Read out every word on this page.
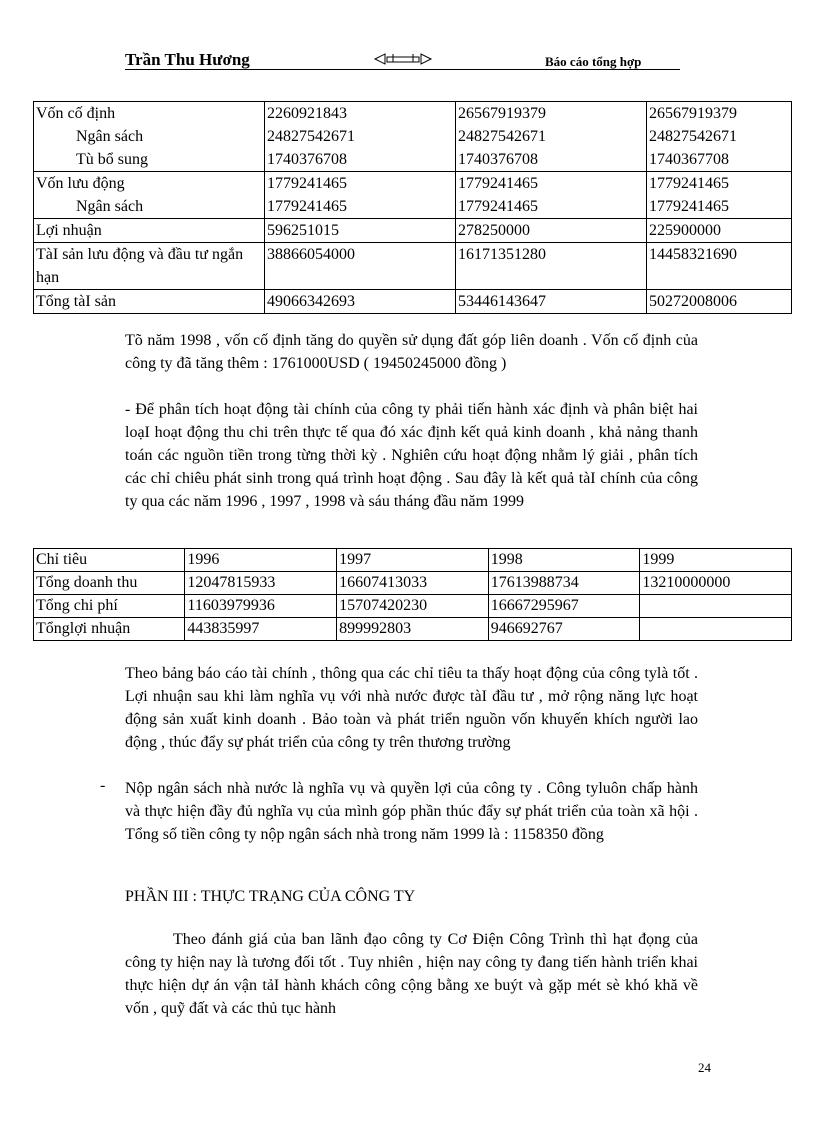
Trần Thu Hương	Báo cáo tổng hợp
Vốn cố định	2260921843	26567919379	26567919379
Ngân sách	24827542671	24827542671	24827542671
Tù bổ sung	1740376708	1740376708	1740367708
Vốn lưu động	1779241465	1779241465	1779241465
Ngân sách	1779241465	1779241465	1779241465
Lợi nhuận	596251015	278250000	225900000
TàI sản lưu động và đầu tư ngắn hạn	38866054000	16171351280	14458321690
Tổng tàI sản	49066342693	53446143647	50272008006
Tõ năm 1998 , vốn cố định tăng do quyền sử dụng đất góp liên doanh . Vốn cố định của công ty đã tăng thêm : 1761000USD ( 19450245000 đồng )
- Để phân tích hoạt động tài chính của công ty phải tiến hành xác định và phân biệt hai loạI hoạt động thu chi trên thực tế qua đó xác định kết quả kinh doanh , khả nảng thanh toán các nguồn tiền trong từng thời kỳ . Nghiên cứu hoạt động nhằm lý giải , phân tích các chỉ chiêu phát sinh trong quá trình hoạt động . Sau đây là kết quả tàI chính của công ty qua các năm 1996 , 1997 , 1998 và sáu tháng đầu năm 1999
Chỉ tiêu	1996	1997	1998	1999
Tổng doanh thu	12047815933	16607413033	17613988734	13210000000
Tổng chi phí	11603979936	15707420230	16667295967	
Tổnglợi nhuận	443835997	899992803	946692767	
Theo bảng báo cáo tài chính , thông qua các chỉ tiêu ta thấy hoạt động của công tylà tốt . Lợi nhuận sau khi làm nghĩa vụ với nhà nước được tàI đầu tư , mở rộng năng lực hoạt động sản xuất kinh doanh . Bảo toàn và phát triển nguồn vốn khuyến khích người lao động , thúc đẩy sự phát triển của công ty trên thương trường
- Nộp ngân sách nhà nước là nghĩa vụ và quyền lợi của công ty . Công tyluôn chấp hành và thực hiện đầy đủ nghĩa vụ của mình góp phần thúc đẩy sự phát triển của toàn xã hội . Tổng số tiền công ty nộp ngân sách nhà trong năm 1999 là : 1158350 đồng
PHẦN III : THỰC TRẠNG CỦA CÔNG TY
Theo đánh giá của ban lãnh đạo công ty Cơ Điện Công Trình thì hạt đọng của công ty hiện nay là tương đối tốt . Tuy nhiên , hiện nay công ty đang tiến hành triển khai thực hiện dự án vận tảI hành khách công cộng bằng xe buýt và gặp mét sè khó khă về vốn , quỹ đất và các thủ tục hành
24
